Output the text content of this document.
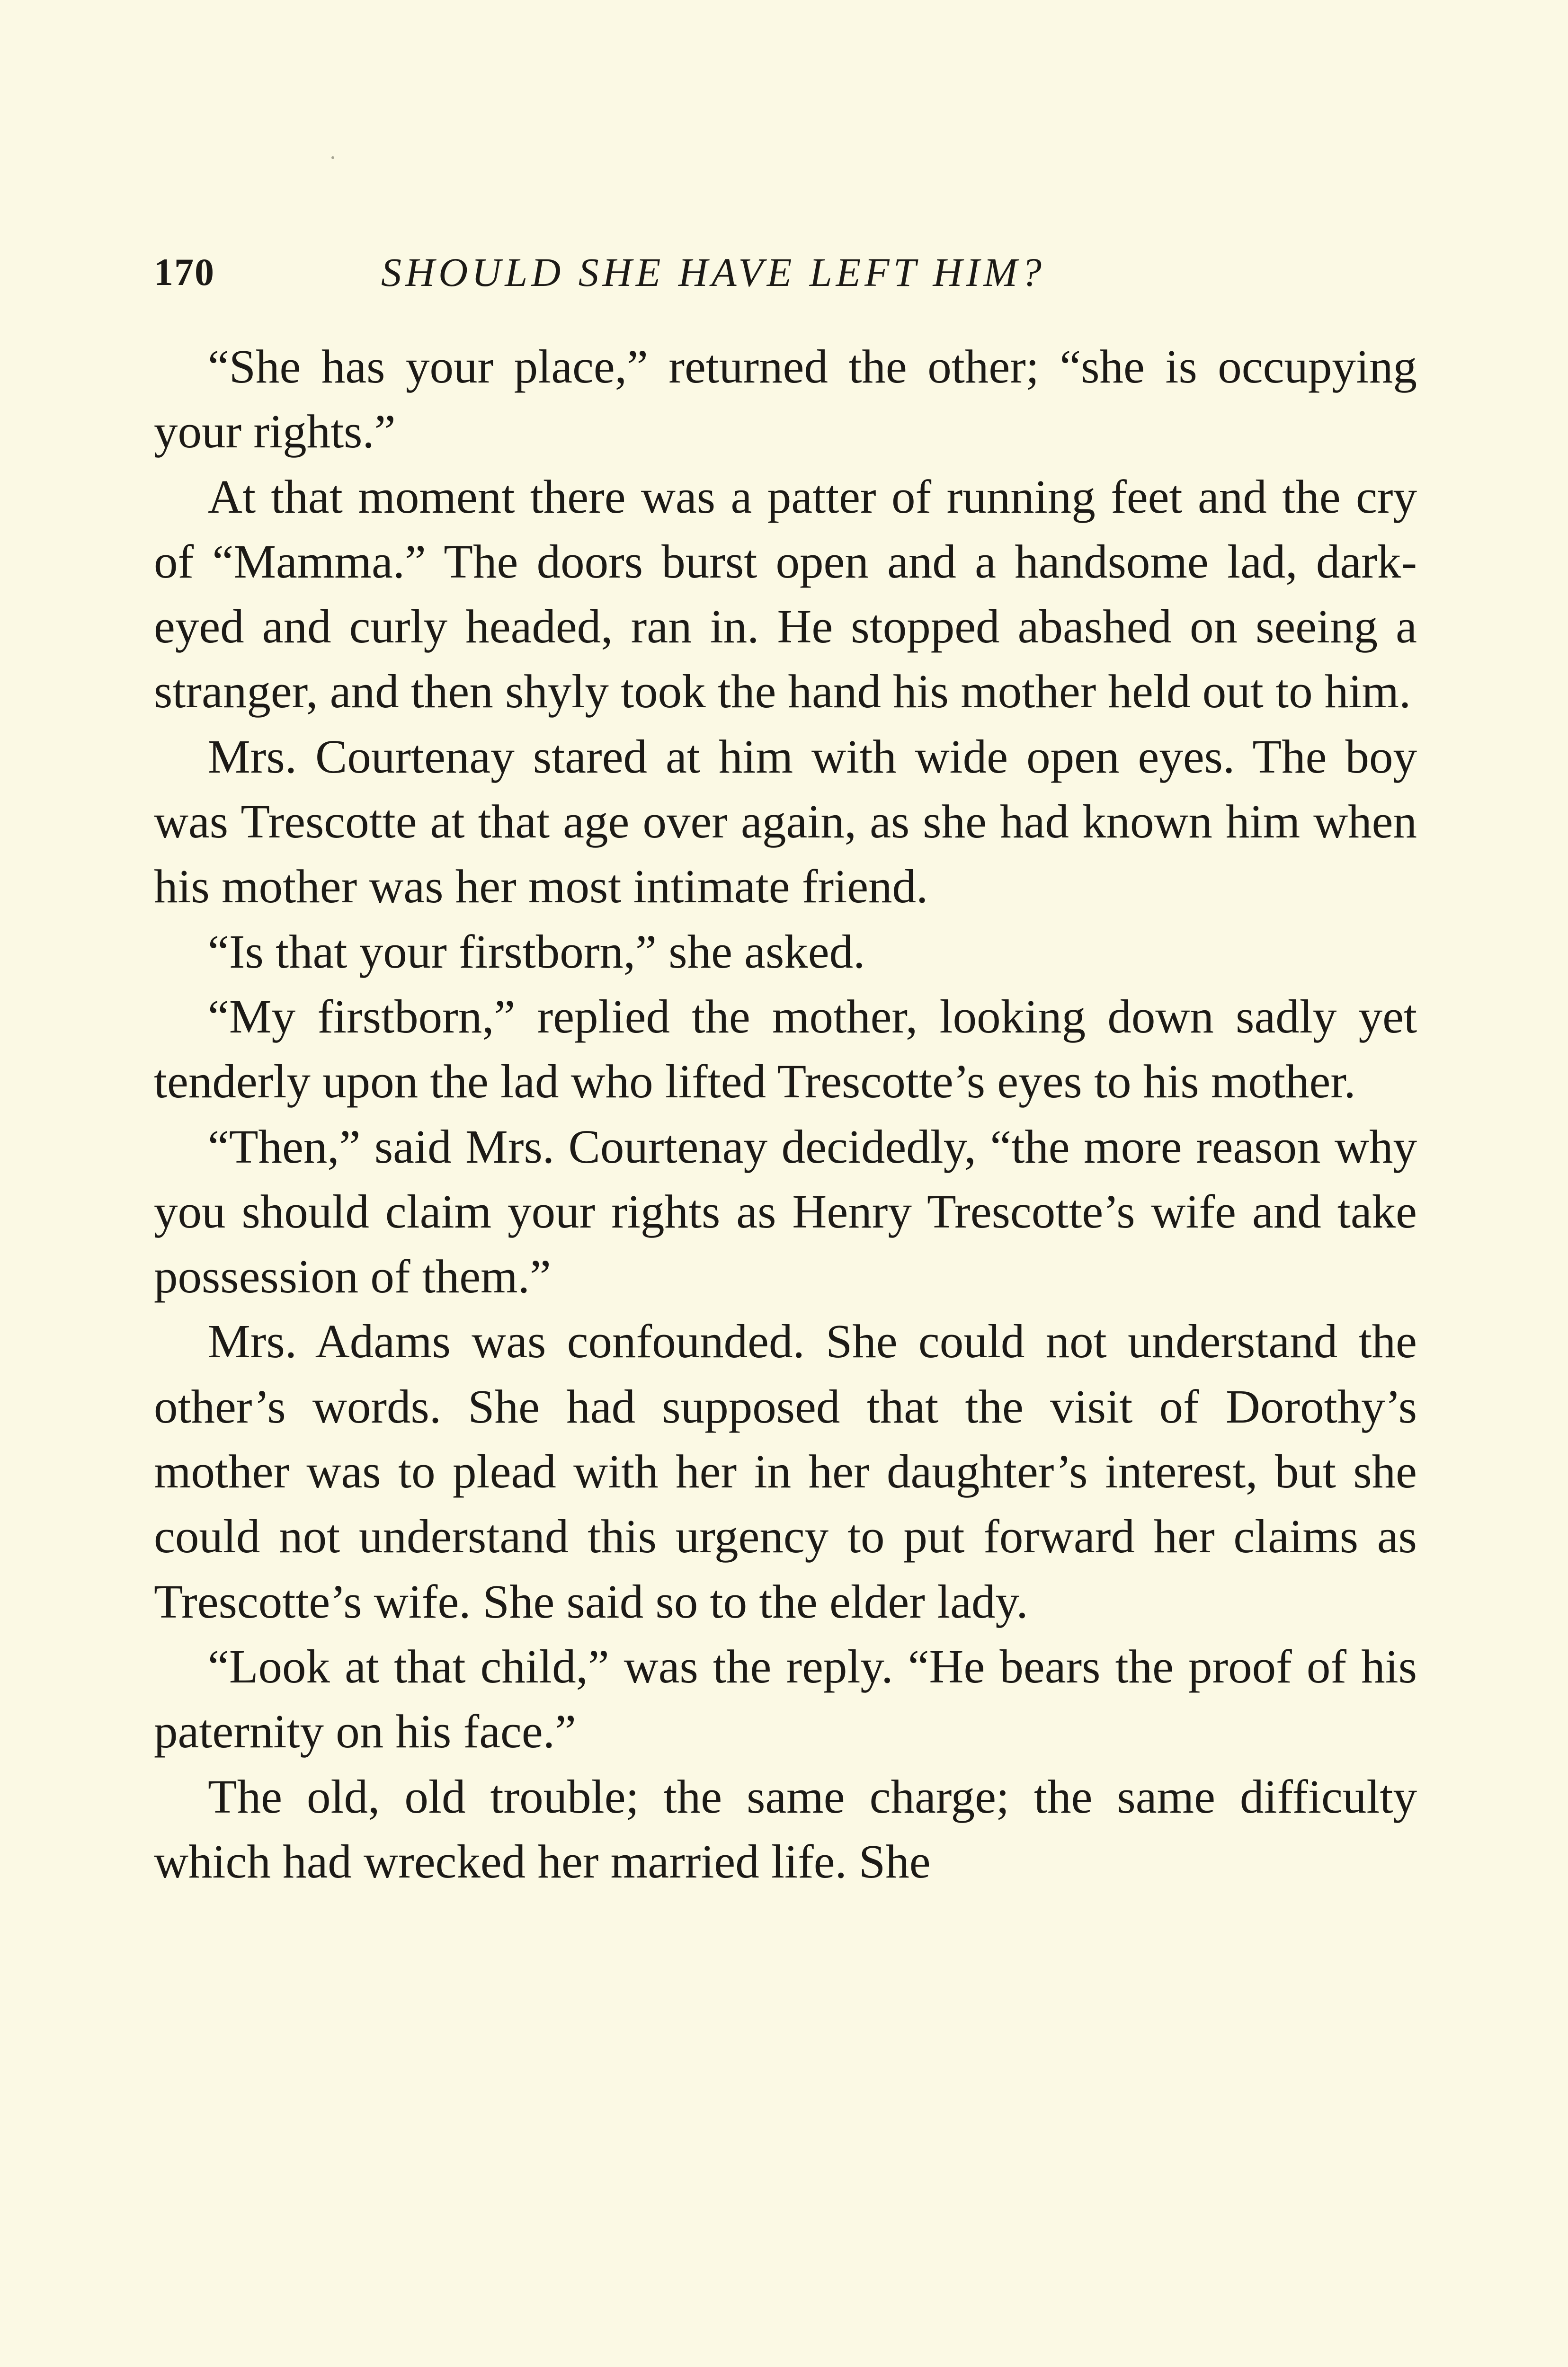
170	SHOULD SHE HAVE LEFT HIM?

“She has your place,” returned the other; “she is occupying your rights.”

At that moment there was a patter of running feet and the cry of “Mamma.” The doors burst open and a handsome lad, dark-eyed and curly headed, ran in. He stopped abashed on seeing a stranger, and then shyly took the hand his mother held out to him.

Mrs. Courtenay stared at him with wide open eyes. The boy was Trescotte at that age over again, as she had known him when his mother was her most intimate friend.

“Is that your firstborn,” she asked.

“My firstborn,” replied the mother, looking down sadly yet tenderly upon the lad who lifted Trescotte’s eyes to his mother.

“Then,” said Mrs. Courtenay decidedly, “the more reason why you should claim your rights as Henry Trescotte’s wife and take possession of them.”

Mrs. Adams was confounded. She could not understand the other’s words. She had supposed that the visit of Dorothy’s mother was to plead with her in her daughter’s interest, but she could not understand this urgency to put forward her claims as Trescotte’s wife. She said so to the elder lady.

“Look at that child,” was the reply. “He bears the proof of his paternity on his face.”

The old, old trouble; the same charge; the same difficulty which had wrecked her married life. She
